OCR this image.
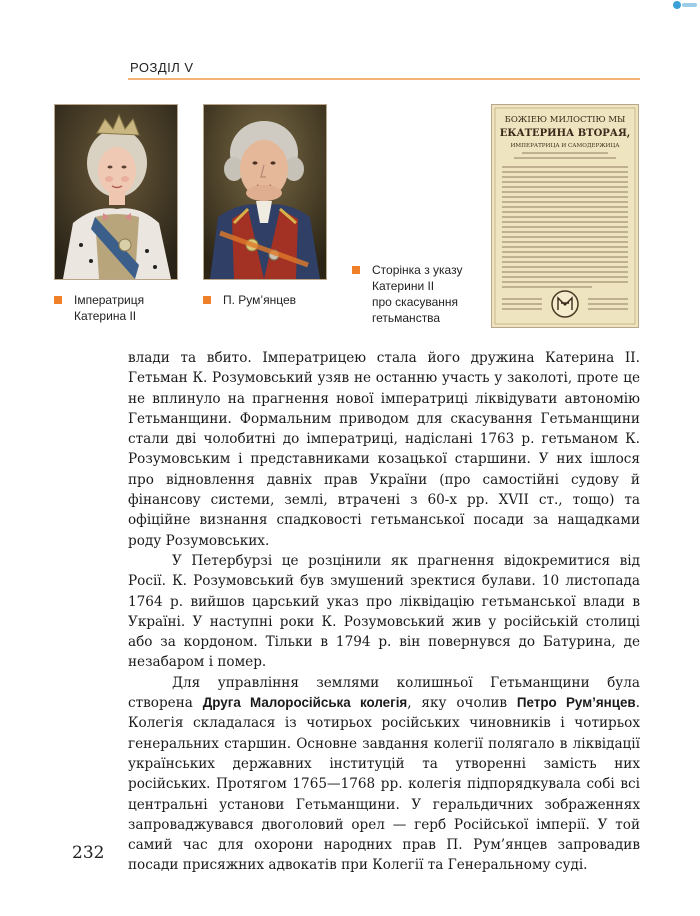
РОЗДІЛ V
БОЖІЕЮ МИЛОСТІЮ МЫ
ЕКАТЕРИНА ВТОРАЯ,
ИМПЕРАТРИЦА И САМОДЕРЖИЦА
Імператриця
Катерина II
П. Рум’янцев
Сторінка з указу
Катерини II
про скасування
гетьманства

влади та вбито. Імператрицею стала його дружина Катерина II. Гетьман К. Розумовський узяв не останню участь у заколоті, проте це не вплинуло на прагнення нової імператриці ліквідувати автономію Гетьманщини. Формальним приводом для скасування Гетьманщини стали дві чолобитні до імператриці, надіслані 1763 р. гетьманом К. Розумовським і представниками козацької старшини. У них ішлося про відновлення давніх прав України (про самостійні судову й фінансову системи, землі, втрачені з 60-х рр. XVII ст., тощо) та офіційне визнання спадковості гетьманської посади за нащадками роду Розумовських.

У Петербурзі це розцінили як прагнення відокремитися від Росії. К. Розумовський був змушений зректися булави. 10 листопада 1764 р. вийшов царський указ про ліквідацію гетьманської влади в Україні. У наступні роки К. Розумовський жив у російській столиці або за кордоном. Тільки в 1794 р. він повернувся до Батурина, де незабаром і помер.

Для управління землями колишньої Гетьманщини була створена Друга Малоросійська колегія, яку очолив Петро Рум’янцев. Колегія складалася із чотирьох російських чиновників і чотирьох генеральних старшин. Основне завдання колегії полягало в ліквідації українських державних інституцій та утворенні замість них російських. Протягом 1765—1768 рр. колегія підпорядкувала собі всі центральні установи Гетьманщини. У геральдичних зображеннях запроваджувався двоголовий орел — герб Російської імперії. У той самий час для охорони народних прав П. Рум’янцев запровадив посади присяжних адвокатів при Колегії та Генеральному суді.

232
